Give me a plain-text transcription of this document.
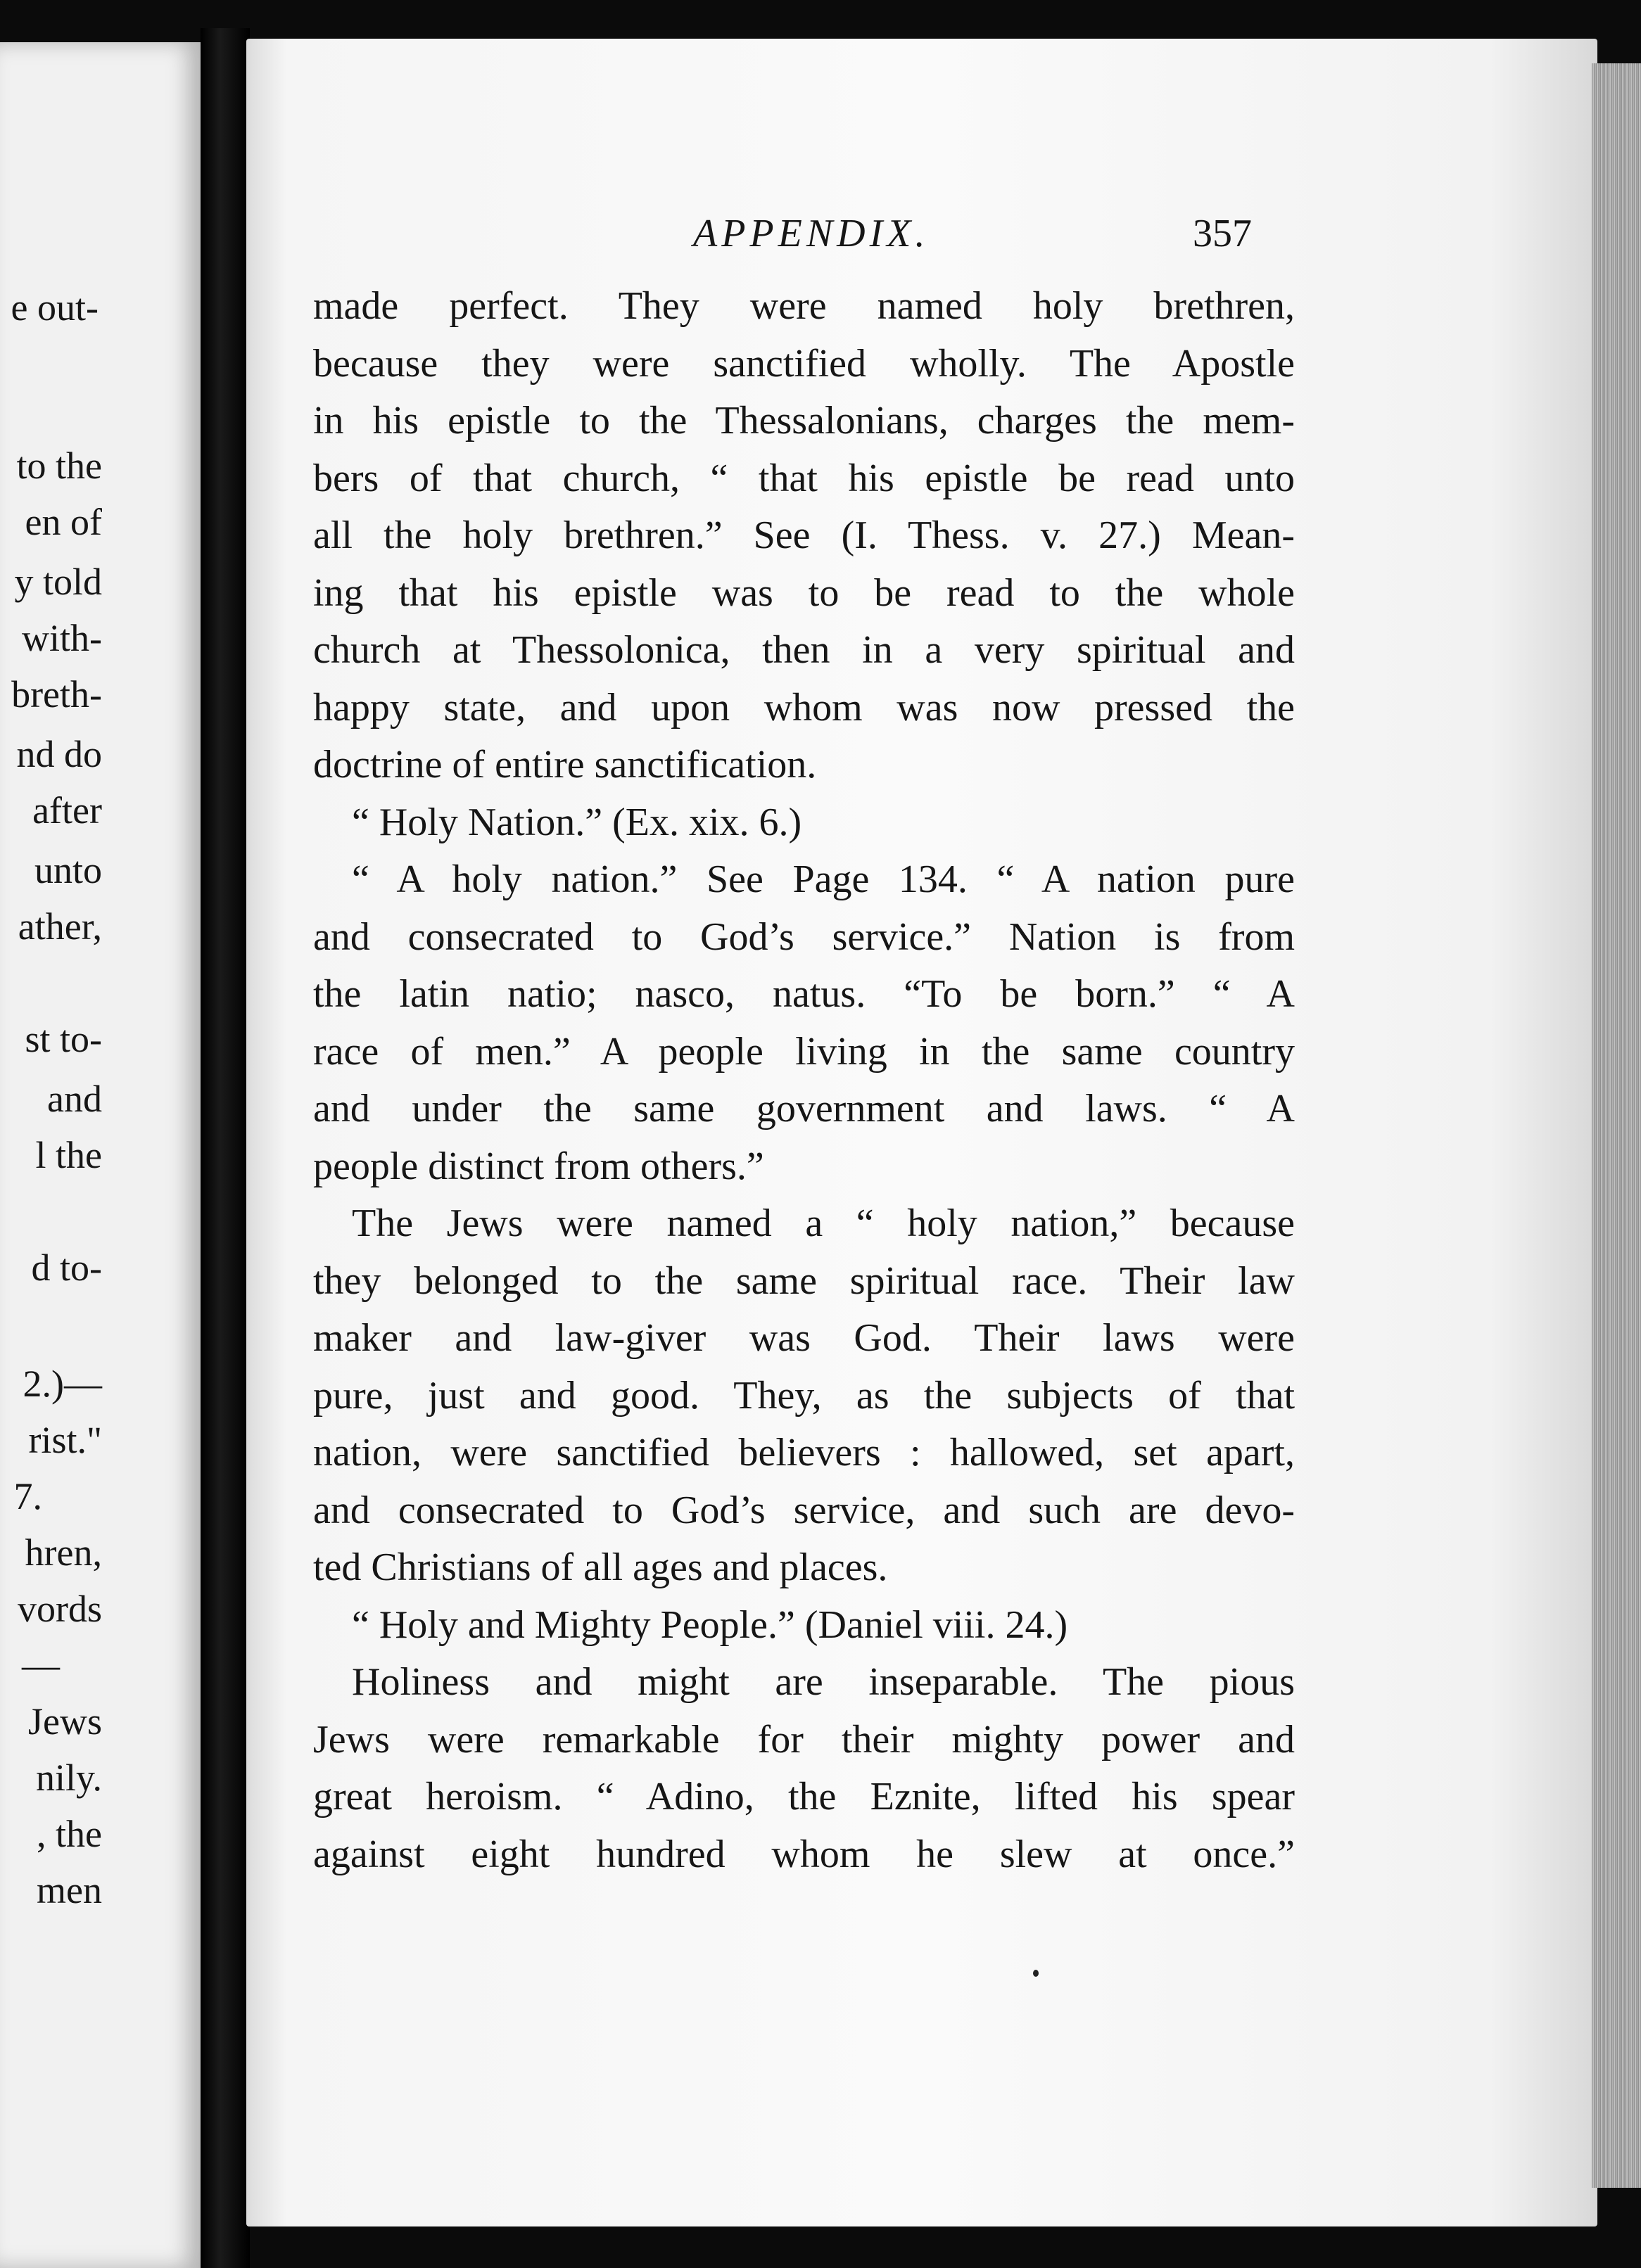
e out-
to the
en of
y told
with-
breth-
nd do
after
unto
ather,
st to-
and
l the
d to-
2.)—
rist."
7.
hren,
vords
—
Jews
nily.
, the
men
APPENDIX.	357
made perfect. They were named holy brethren,
because they were sanctified wholly. The Apostle
in his epistle to the Thessalonians, charges the mem-
bers of that church, “ that his epistle be read unto
all the holy brethren.” See (I. Thess. v. 27.) Mean-
ing that his epistle was to be read to the whole
church at Thessolonica, then in a very spiritual and
happy state, and upon whom was now pressed the
doctrine of entire sanctification.
“ Holy Nation.” (Ex. xix. 6.)
“ A holy nation.” See Page 134. “ A nation pure
and consecrated to God’s service.” Nation is from
the latin natio; nasco, natus. “To be born.” “ A
race of men.” A people living in the same country
and under the same government and laws. “ A
people distinct from others.”
The Jews were named a “ holy nation,” because
they belonged to the same spiritual race. Their law
maker and law-giver was God. Their laws were
pure, just and good. They, as the subjects of that
nation, were sanctified believers : hallowed, set apart,
and consecrated to God’s service, and such are devo-
ted Christians of all ages and places.
“ Holy and Mighty People.” (Daniel viii. 24.)
Holiness and might are inseparable. The pious
Jews were remarkable for their mighty power and
great heroism. “ Adino, the Eznite, lifted his spear
against eight hundred whom he slew at once.”
